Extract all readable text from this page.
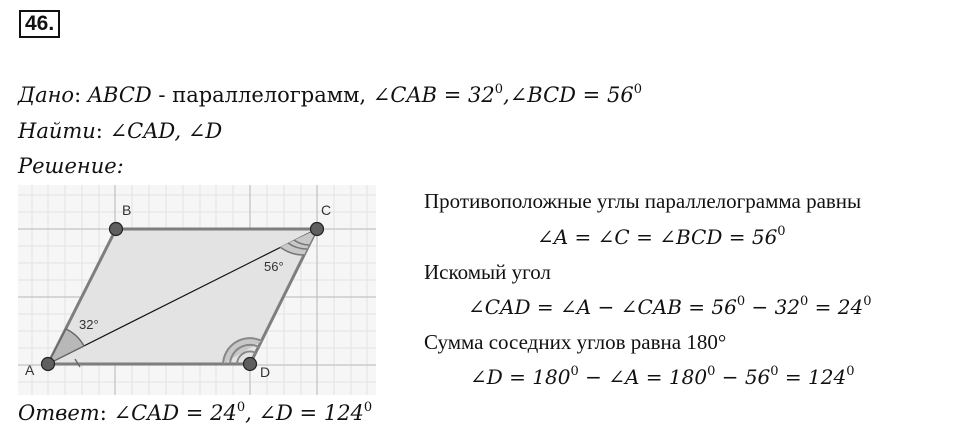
46.
Дано: ABCD - параллелограмм, ∠CAB = $32^0,\angle BCD = 56^0$
Найти: ∠CAD, ∠D
Решение:
A
B	C
D
32°
56°
Противоположные углы параллелограмма равны
∠A = ∠C = ∠BCD = $56^0$
Искомый угол
∠CAD = ∠A − ∠CAB = $56^0 - 32^0 = 24^0$
Сумма соседних углов равна 180°
∠D = $180^0$ − ∠A = $180^0 - 56^0 = 124^0$
Ответ: ∠CAD = $24^0$, ∠D = $124^0$
